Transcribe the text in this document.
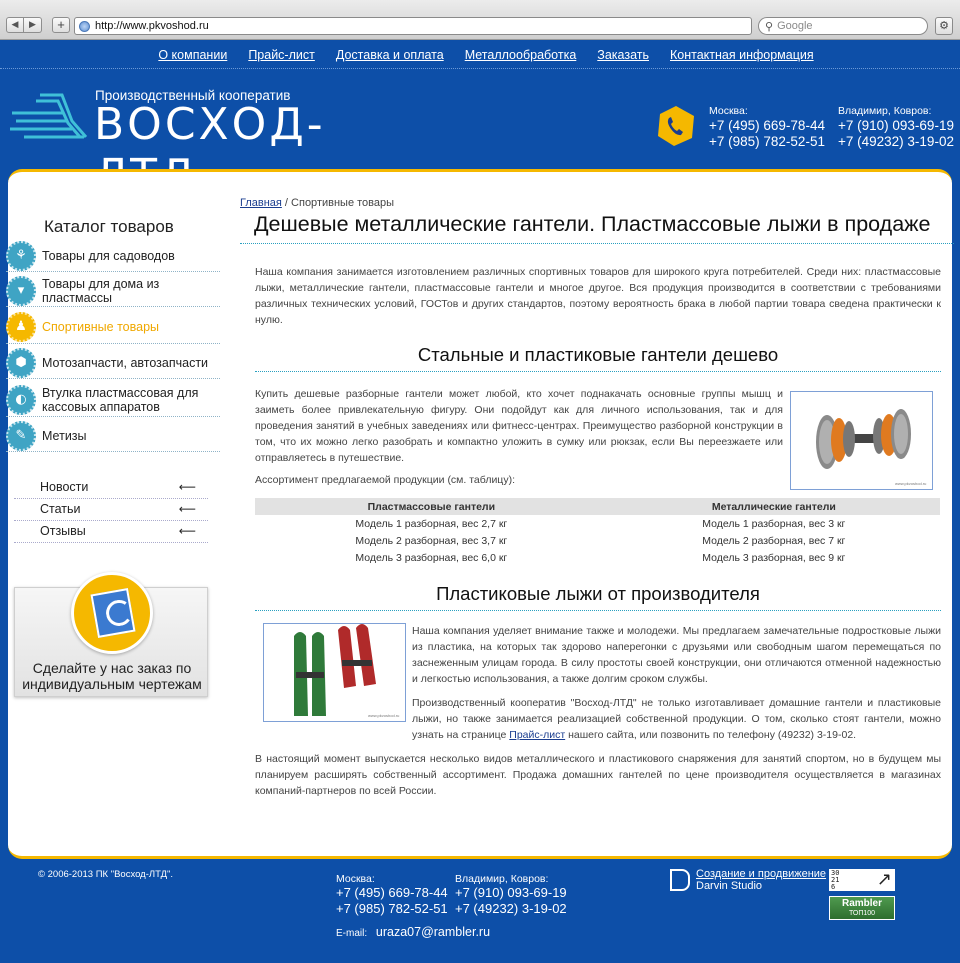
◀	▶	+	http://www.pkvoshod.ru	⚲ Google	⚙
О компании Прайс-лист Доставка и оплата Металлообработка Заказать Контактная информация
Производственный кооператив
ВОСХОД-	Москва:
+7 (495) 669-78-44
+7 (985) 782-52-51
Владимир, Ковров:
+7 (910) 093-69-19
+7 (49232) 3-19-02
Каталог товаров
⚘	Товары для садоводов
▾	Товары для дома из пластмассы
♟	Спортивные товары
⬢	Мотозапчасти, автозапчасти
◐	Втулка пластмассовая для кассовых аппаратов
✎	Метизы
Новости	⟵
Статьи	⟵
Отзывы	⟵
Сделайте у нас заказ по индивидуальным чертежам
Главная / Спортивные товары
Дешевые металлические гантели. Пластмассовые лыжи в продаже
Наша компания занимается изготовлением различных спортивных товаров для широкого круга потребителей. Среди них: пластмассовые лыжи, металлические гантели, пластмассовые гантели и многое другое. Вся продукция производится в соответствии с требованиями различных технических условий, ГОСТов и других стандартов, поэтому вероятность брака в любой партии товара сведена практически к нулю.
Стальные и пластиковые гантели дешево
Купить дешевые разборные гантели может любой, кто хочет поднакачать основные группы мышц и заиметь более привлекательную фигуру. Они подойдут как для личного использования, так и для проведения занятий в учебных заведениях или фитнесс-центрах. Преимущество разборной конструкции в том, что их можно легко разобрать и компактно уложить в сумку или рюкзак, если Вы переезжаете или отправляетесь в путешествие.
www.pkvoshod.ru
Ассортимент предлагаемой продукции (см. таблицу):
Пластмассовые гантели	Металлические гантели
Модель 1 разборная, вес 2,7 кг	Модель 1 разборная, вес 3 кг
Модель 2 разборная, вес 3,7 кг	Модель 2 разборная, вес 7 кг
Модель 3 разборная, вес 6,0 кг	Модель 3 разборная, вес 9 кг
Пластиковые лыжи от производителя
www.pkvoshod.ru
Наша компания уделяет внимание также и молодежи. Мы предлагаем замечательные подростковые лыжи из пластика, на которых так здорово наперегонки с друзьями или свободным шагом перемещаться по заснеженным улицам города. В силу простоты своей конструкции, они отличаются отменной надежностью и легкостью использования, а также долгим сроком службы.
Производственный кооператив "Восход-ЛТД" не только изготавливает домашние гантели и пластиковые лыжи, но также занимается реализацией собственной продукции. О том, сколько стоят гантели, можно узнать на странице Прайс-лист нашего сайта, или позвонить по телефону (49232) 3-19-02.
В настоящий момент выпускается несколько видов металлического и пластикового снаряжения для занятий спортом, но в будущем мы планируем расширять собственный ассортимент. Продажа домашних гантелей по цене производителя осуществляется в магазинах компаний-партнеров по всей России.
© 2006-2013 ПК "Восход-ЛТД".	Москва:
+7 (495) 669-78-44
+7 (985) 782-52-51
Владимир, Ковров:
+7 (910) 093-69-19
+7 (49232) 3-19-02
E-mail: uraza07@rambler.ru
Создание и продвижение
Darvin Studio
30
21
6	↗
Rambler
ТОП100
